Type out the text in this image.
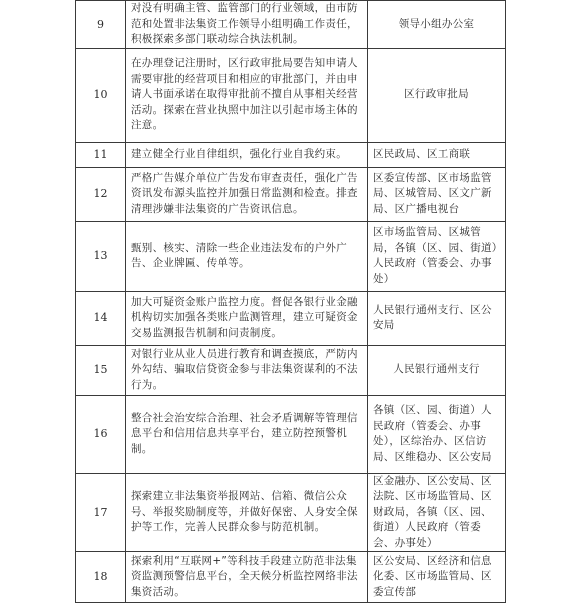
9	对没有明确主管、监管部门的行业领域，由市防范和处置非法集资工作领导小组明确工作责任，积极探索多部门联动综合执法机制。	领导小组办公室
10	在办理登记注册时，区行政审批局要告知申请人需要审批的经营项目和相应的审批部门，并由申请人书面承诺在取得审批前不擅自从事相关经营活动。探索在营业执照中加注以引起市场主体的注意。	区行政审批局
11	建立健全行业自律组织，强化行业自我约束。	区民政局、区工商联
12	严格广告媒介单位广告发布审查责任，强化广告资讯发布源头监控并加强日常监测和检查。排查清理涉嫌非法集资的广告资讯信息。	区委宣传部、区市场监管局、区城管局、区文广新局、区广播电视台
13	甄别、核实、清除一些企业违法发布的户外广告、企业牌匾、传单等。	区市场监管局、区城管局，各镇（区、园、街道）人民政府（管委会、办事处）
14	加大可疑资金账户监控力度。督促各银行业金融机构切实加强各类账户监测管理，建立可疑资金交易监测报告机制和问责制度。	人民银行通州支行、区公安局
15	对银行业从业人员进行教育和调查摸底，严防内外勾结、骗取信贷资金参与非法集资谋利的不法行为。	人民银行通州支行
16	整合社会治安综合治理、社会矛盾调解等管理信息平台和信用信息共享平台，建立防控预警机制。	各镇（区、园、街道）人民政府（管委会、办事处），区综治办、区信访局、区维稳办、区公安局
17	探索建立非法集资举报网站、信箱、微信公众号、举报奖励制度等，并做好保密、人身安全保护等工作，完善人民群众参与防范机制。	区金融办、区公安局、区法院、区市场监管局、区财政局，各镇（区、园、街道）人民政府（管委会、办事处）
18	探索利用“互联网+”等科技手段建立防范非法集资监测预警信息平台，全天候分析监控网络非法集资活动。	区公安局、区经济和信息化委、区市场监管局、区委宣传部
